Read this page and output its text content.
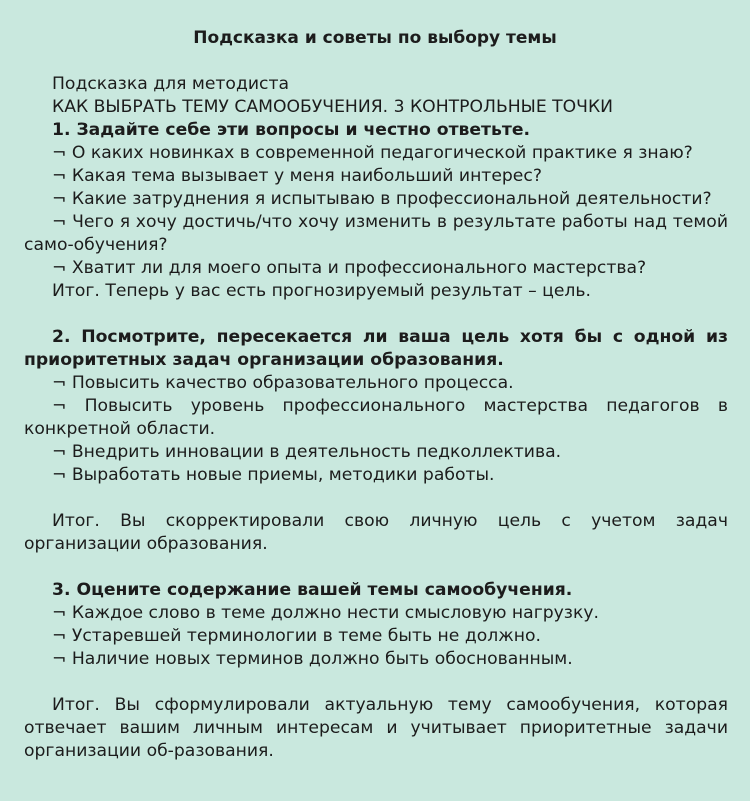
Подсказка и советы по выбору темы
Подсказка для методиста
КАК ВЫБРАТЬ ТЕМУ САМООБУЧЕНИЯ. 3 КОНТРОЛЬНЫЕ ТОЧКИ
1. Задайте себе эти вопросы и честно ответьте.
¬ О каких новинках в современной педагогической практике я знаю?
¬ Какая тема вызывает у меня наибольший интерес?
¬ Какие затруднения я испытываю в профессиональной деятельности?
¬ Чего я хочу достичь/что хочу изменить в результате работы над темой само-обучения?
¬ Хватит ли для моего опыта и профессионального мастерства?
Итог. Теперь у вас есть прогнозируемый результат – цель.
2. Посмотрите, пересекается ли ваша цель хотя бы с одной из приоритетных задач организации образования.
¬ Повысить качество образовательного процесса.
¬ Повысить уровень профессионального мастерства педагогов в конкретной области.
¬ Внедрить инновации в деятельность педколлектива.
¬ Выработать новые приемы, методики работы.
Итог. Вы скорректировали свою личную цель с учетом задач организации образования.
3. Оцените содержание вашей темы самообучения.
¬ Каждое слово в теме должно нести смысловую нагрузку.
¬ Устаревшей терминологии в теме быть не должно.
¬ Наличие новых терминов должно быть обоснованным.
Итог. Вы сформулировали актуальную тему самообучения, которая отвечает вашим личным интересам и учитывает приоритетные задачи организации об-разования.
